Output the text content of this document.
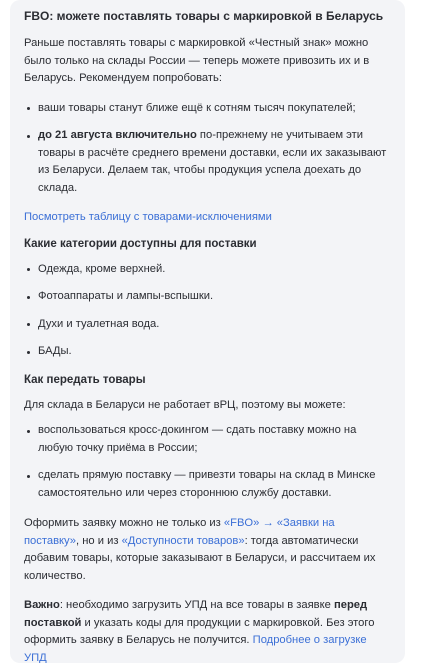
FBO: можете поставлять товары с маркировкой в Беларусь

Раньше поставлять товары с маркировкой «Честный знак» можно было только на склады России — теперь можете привозить их и в Беларусь. Рекомендуем попробовать:

ваши товары станут ближе ещё к сотням тысяч покупателей;
до 21 августа включительно по-прежнему не учитываем эти товары в расчёте среднего времени доставки, если их заказывают из Беларуси. Делаем так, чтобы продукция успела доехать до склада.

Посмотреть таблицу с товарами-исключениями

Какие категории доступны для поставки
Одежда, кроме верхней.
Фотоаппараты и лампы-вспышки.
Духи и туалетная вода.
БАДы.
Как передать товары

Для склада в Беларуси не работает вРЦ, поэтому вы можете:

воспользоваться кросс-докингом — сдать поставку можно на любую точку приёма в России;
сделать прямую поставку — привезти товары на склад в Минске самостоятельно или через стороннюю службу доставки.

Оформить заявку можно не только из «FBO» → «Заявки на поставку», но и из «Доступности товаров»: тогда автоматически добавим товары, которые заказывают в Беларуси, и рассчитаем их количество.

Важно: необходимо загрузить УПД на все товары в заявке перед поставкой и указать коды для продукции с маркировкой. Без этого оформить заявку в Беларусь не получится. Подробнее о загрузке УПД
